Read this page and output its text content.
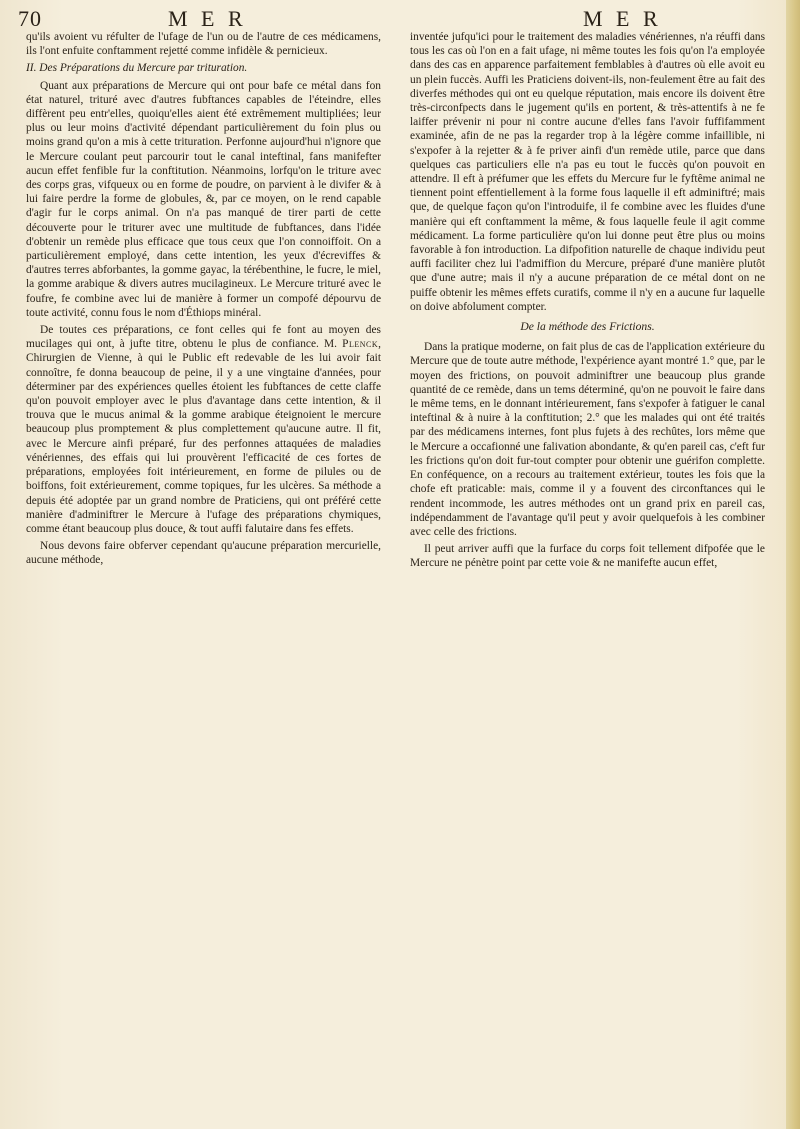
70	M E R	M E R

qu'ils avoient vu réfulter de l'ufage de l'un ou de l'autre de ces médicamens, ils l'ont enfuite conftamment rejetté comme infidèle & pernicieux.

II. Des Préparations du Mercure par trituration.

Quant aux préparations de Mercure qui ont pour bafe ce métal dans fon état naturel, trituré avec d'autres fubftances capables de l'éteindre, elles diffèrent peu entr'elles, quoiqu'elles aient été extrêmement multipliées; leur plus ou leur moins d'activité dépendant particulièrement du foin plus ou moins grand qu'on a mis à cette trituration. Perfonne aujourd'hui n'ignore que le Mercure coulant peut parcourir tout le canal inteftinal, fans manifefter aucun effet fenfible fur la conftitution. Néanmoins, lorfqu'on le triture avec des corps gras, vifqueux ou en forme de poudre, on parvient à le divifer & à lui faire perdre la forme de globules, &, par ce moyen, on le rend capable d'agir fur le corps animal. On n'a pas manqué de tirer parti de cette découverte pour le triturer avec une multitude de fubftances, dans l'idée d'obtenir un remède plus efficace que tous ceux que l'on connoiffoit. On a particulièrement employé, dans cette intention, les yeux d'écreviffes & d'autres terres abforbantes, la gomme gayac, la térébenthine, le fucre, le miel, la gomme arabique & divers autres mucilagineux. Le Mercure trituré avec le foufre, fe combine avec lui de manière à former un compofé dépourvu de toute activité, connu fous le nom d'Éthiops minéral.

De toutes ces préparations, ce font celles qui fe font au moyen des mucilages qui ont, à jufte titre, obtenu le plus de confiance. M. Plenck, Chirurgien de Vienne, à qui le Public eft redevable de les lui avoir fait connoître, fe donna beaucoup de peine, il y a une vingtaine d'années, pour déterminer par des expériences quelles étoient les fubftances de cette claffe qu'on pouvoit employer avec le plus d'avantage dans cette intention, & il trouva que le mucus animal & la gomme arabique éteignoient le mercure beaucoup plus promptement & plus complettement qu'aucune autre. Il fit, avec le Mercure ainfi préparé, fur des perfonnes attaquées de maladies vénériennes, des effais qui lui prouvèrent l'efficacité de ces fortes de préparations, employées foit intérieurement, en forme de pilules ou de boiffons, foit extérieurement, comme topiques, fur les ulcères. Sa méthode a depuis été adoptée par un grand nombre de Praticiens, qui ont préféré cette manière d'adminiftrer le Mercure à l'ufage des préparations chymiques, comme étant beaucoup plus douce, & tout auffi falutaire dans fes effets.

Nous devons faire obferver cependant qu'aucune préparation mercurielle, aucune méthode,

inventée jufqu'ici pour le traitement des maladies vénériennes, n'a réuffi dans tous les cas où l'on en a fait ufage, ni même toutes les fois qu'on l'a employée dans des cas en apparence parfaitement femblables à d'autres où elle avoit eu un plein fuccès. Auffi les Praticiens doivent-ils, non-feulement être au fait des diverfes méthodes qui ont eu quelque réputation, mais encore ils doivent être très-circonfpects dans le jugement qu'ils en portent, & très-attentifs à ne fe laiffer prévenir ni pour ni contre aucune d'elles fans l'avoir fuffifamment examinée, afin de ne pas la regarder trop à la légère comme infaillible, ni s'expofer à la rejetter & à fe priver ainfi d'un remède utile, parce que dans quelques cas particuliers elle n'a pas eu tout le fuccès qu'on pouvoit en attendre. Il eft à préfumer que les effets du Mercure fur le fyftême animal ne tiennent point effentiellement à la forme fous laquelle il eft adminiftré; mais que, de quelque façon qu'on l'introduife, il fe combine avec les fluides d'une manière qui eft conftamment la même, & fous laquelle feule il agit comme médicament. La forme particulière qu'on lui donne peut être plus ou moins favorable à fon introduction. La difpofition naturelle de chaque individu peut auffi faciliter chez lui l'admiffion du Mercure, préparé d'une manière plutôt que d'une autre; mais il n'y a aucune préparation de ce métal dont on ne puiffe obtenir les mêmes effets curatifs, comme il n'y en a aucune fur laquelle on doive abfolument compter.

De la méthode des Frictions.

Dans la pratique moderne, on fait plus de cas de l'application extérieure du Mercure que de toute autre méthode, l'expérience ayant montré 1.° que, par le moyen des frictions, on pouvoit adminiftrer une beaucoup plus grande quantité de ce remède, dans un tems déterminé, qu'on ne pouvoit le faire dans le même tems, en le donnant intérieurement, fans s'expofer à fatiguer le canal inteftinal & à nuire à la conftitution; 2.° que les malades qui ont été traités par des médicamens internes, font plus fujets à des rechûtes, lors même que le Mercure a occafionné une falivation abondante, & qu'en pareil cas, c'eft fur les frictions qu'on doit fur-tout compter pour obtenir une guérifon complette. En conféquence, on a recours au traitement extérieur, toutes les fois que la chofe eft praticable: mais, comme il y a fouvent des circonftances qui le rendent incommode, les autres méthodes ont un grand prix en pareil cas, indépendamment de l'avantage qu'il peut y avoir quelquefois à les combiner avec celle des frictions.

Il peut arriver auffi que la furface du corps foit tellement difpofée que le Mercure ne pénètre point par cette voie & ne manifefte aucun effet,
